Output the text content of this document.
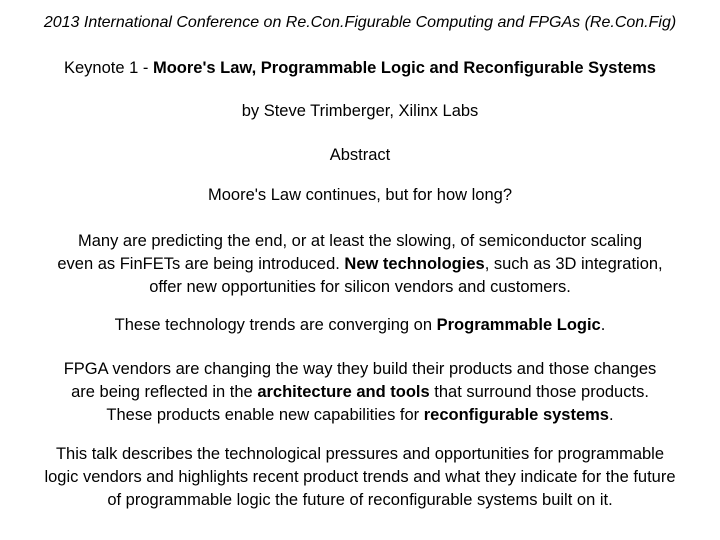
2013 International Conference on Re.Con.Figurable Computing and FPGAs (Re.Con.Fig)
Keynote 1 - Moore's Law, Programmable Logic and Reconfigurable Systems
by Steve Trimberger, Xilinx Labs
Abstract
Moore's Law continues, but for how long?
Many are predicting the end, or at least the slowing, of semiconductor scaling
even as FinFETs are being introduced. New technologies, such as 3D integration,
offer new opportunities for silicon vendors and customers.
These technology trends are converging on Programmable Logic.
FPGA vendors are changing the way they build their products and those changes
are being reflected in the architecture and tools that surround those products.
These products enable new capabilities for reconfigurable systems.
This talk describes the technological pressures and opportunities for programmable
logic vendors and highlights recent product trends and what they indicate for the future
of programmable logic the future of reconfigurable systems built on it.
